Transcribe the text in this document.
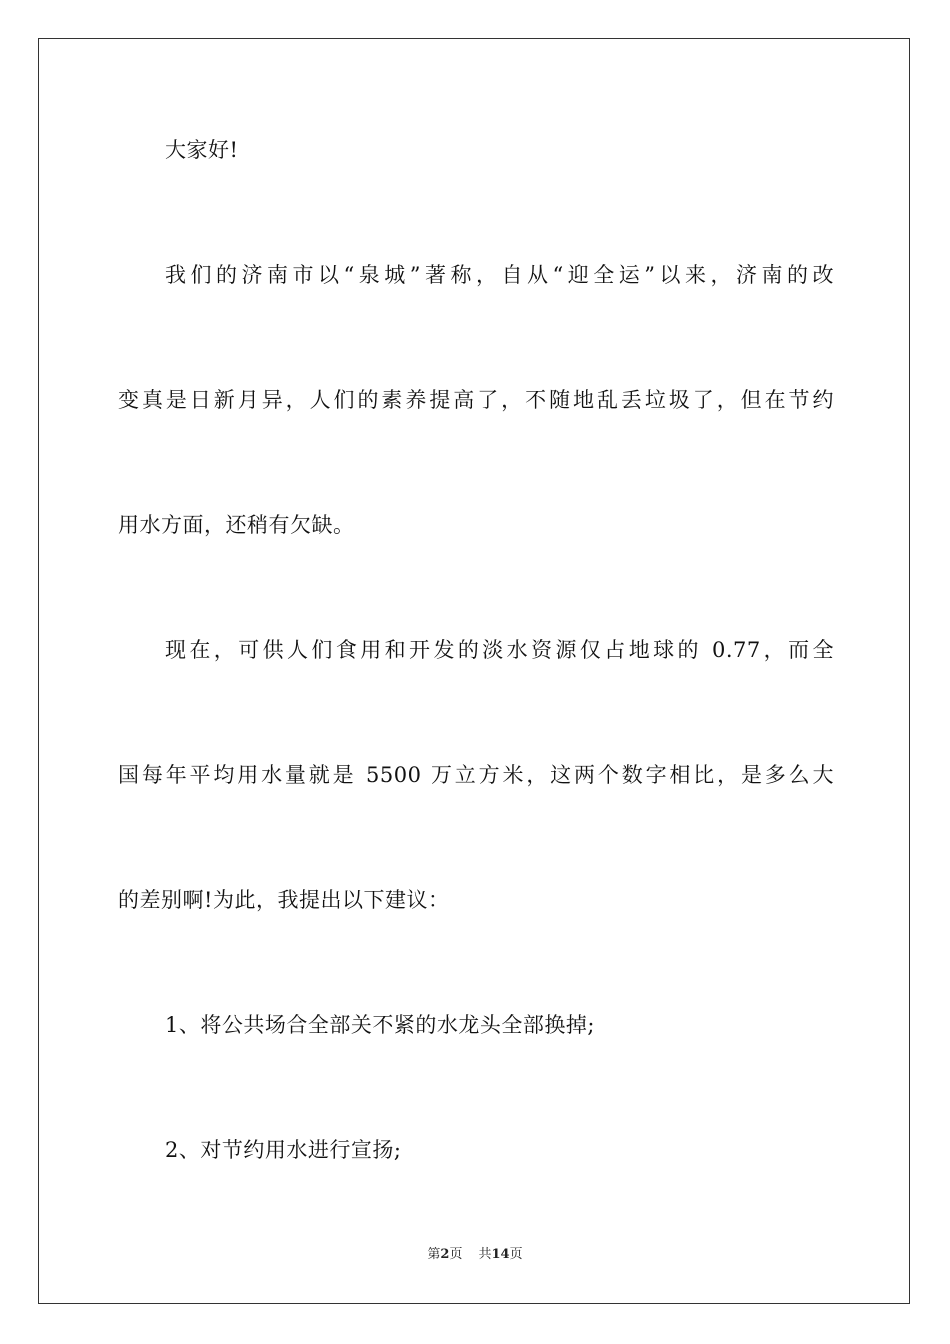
大家好!
我们的济南市以“泉城”著称，自从“迎全运”以来，济南的改
变真是日新月异，人们的素养提高了，不随地乱丢垃圾了，但在节约
用水方面，还稍有欠缺。
现在，可供人们食用和开发的淡水资源仅占地球的 0.77，而全
国每年平均用水量就是 5500 万立方米，这两个数字相比，是多么大
的差别啊!为此，我提出以下建议：
1、将公共场合全部关不紧的水龙头全部换掉;
2、对节约用水进行宣扬;
第2页 共14页
